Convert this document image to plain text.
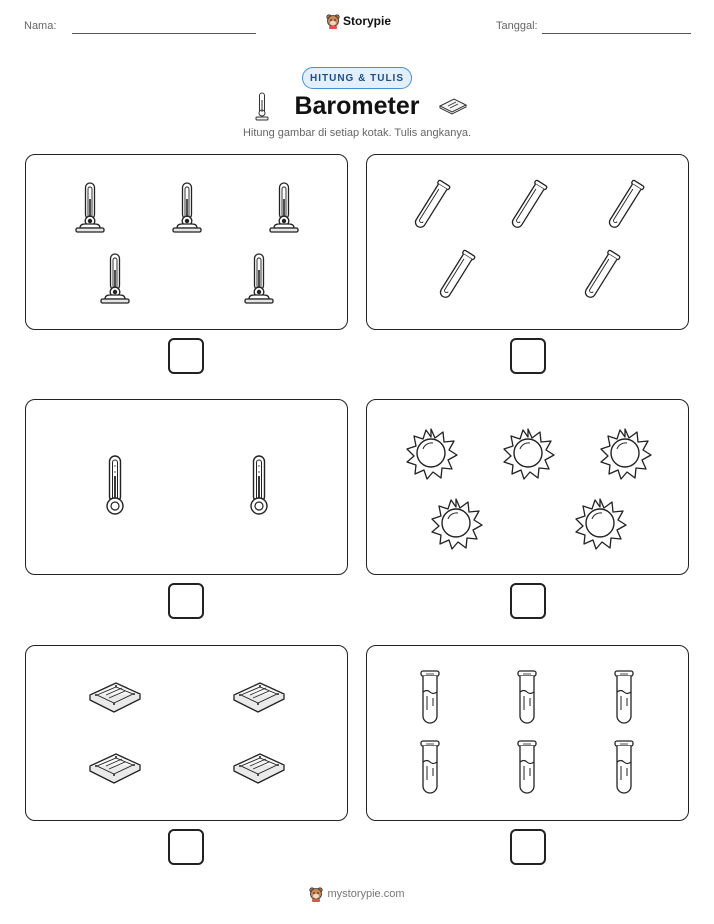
Nama:	Storypie	Tanggal:
HITUNG & TULIS
Barometer
Hitung gambar di setiap kotak. Tulis angkanya.
mystorypie.com
